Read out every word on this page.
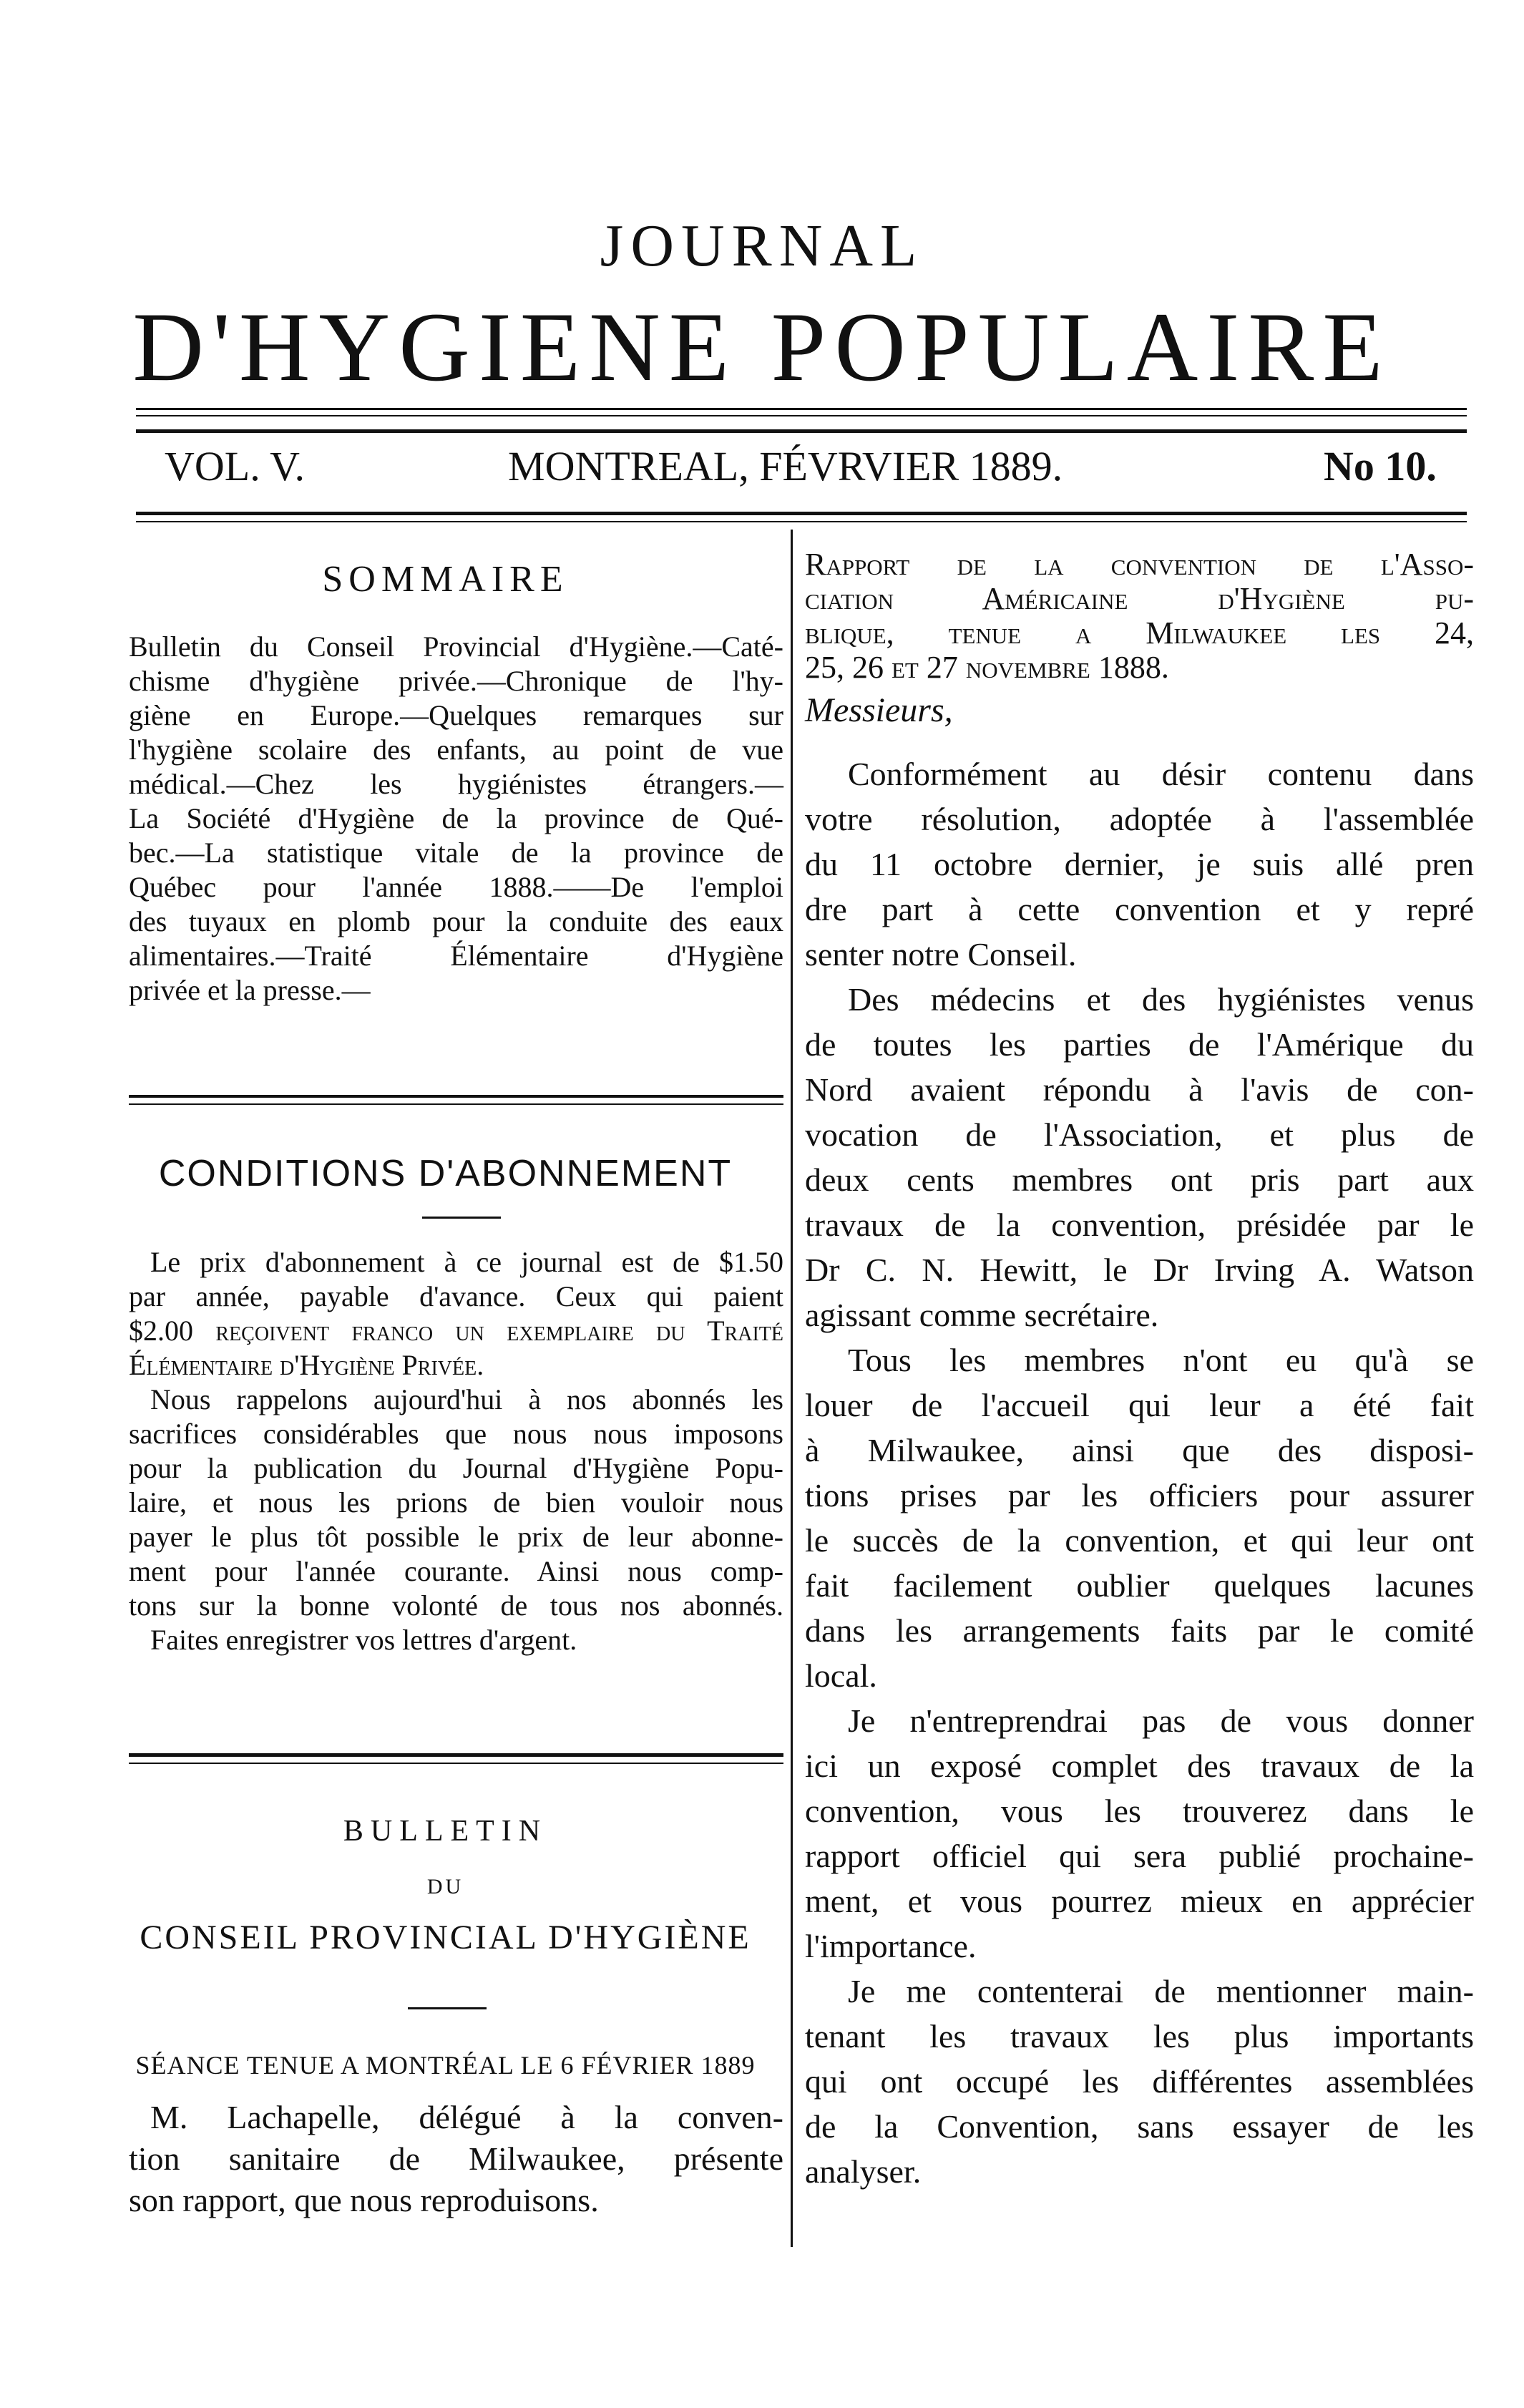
JOURNAL
D'HYGIENE POPULAIRE
VOL. V.	MONTREAL, FÉVRVIER 1889.	No 10.
SOMMAIRE
Bulletin du Conseil Provincial d'Hygiène.—Caté-
chisme d'hygiène privée.—Chronique de l'hy-
giène en Europe.—Quelques remarques sur
l'hygiène scolaire des enfants, au point de vue
médical.—Chez les hygiénistes étrangers.—
La Société d'Hygiène de la province de Qué-
bec.—La statistique vitale de la province de
Québec pour l'année 1888.——De l'emploi
des tuyaux en plomb pour la conduite des eaux
alimentaires.—Traité Élémentaire d'Hygiène
privée et la presse.—
CONDITIONS D'ABONNEMENT
Le prix d'abonnement à ce journal est de $1.50
par année, payable d'avance. Ceux qui paient
$2.00 reçoivent franco un exemplaire du Traité
Élémentaire d'Hygiène Privée.
Nous rappelons aujourd'hui à nos abonnés les
sacrifices considérables que nous nous imposons
pour la publication du Journal d'Hygiène Popu-
laire, et nous les prions de bien vouloir nous
payer le plus tôt possible le prix de leur abonne-
ment pour l'année courante. Ainsi nous comp-
tons sur la bonne volonté de tous nos abonnés.
Faites enregistrer vos lettres d'argent.
BULLETIN
DU
CONSEIL PROVINCIAL D'HYGIÈNE
SÉANCE TENUE A MONTRÉAL LE 6 FÉVRIER 1889
M. Lachapelle, délégué à la conven-
tion sanitaire de Milwaukee, présente
son rapport, que nous reproduisons.
Rapport de la convention de l'Asso-
ciation Américaine d'Hygiène pu-
blique, tenue a Milwaukee les 24,
25, 26 et 27 novembre 1888.
Messieurs,
Conformément au désir contenu dans
votre résolution, adoptée à l'assemblée
du 11 octobre dernier, je suis allé pren
dre part à cette convention et y repré
senter notre Conseil.
Des médecins et des hygiénistes venus
de toutes les parties de l'Amérique du
Nord avaient répondu à l'avis de con-
vocation de l'Association, et plus de
deux cents membres ont pris part aux
travaux de la convention, présidée par le
Dr C. N. Hewitt, le Dr Irving A. Watson
agissant comme secrétaire.
Tous les membres n'ont eu qu'à se
louer de l'accueil qui leur a été fait
à Milwaukee, ainsi que des disposi-
tions prises par les officiers pour assurer
le succès de la convention, et qui leur ont
fait facilement oublier quelques lacunes
dans les arrangements faits par le comité
local.
Je n'entreprendrai pas de vous donner
ici un exposé complet des travaux de la
convention, vous les trouverez dans le
rapport officiel qui sera publié prochaine-
ment, et vous pourrez mieux en apprécier
l'importance.
Je me contenterai de mentionner main-
tenant les travaux les plus importants
qui ont occupé les différentes assemblées
de la Convention, sans essayer de les
analyser.
